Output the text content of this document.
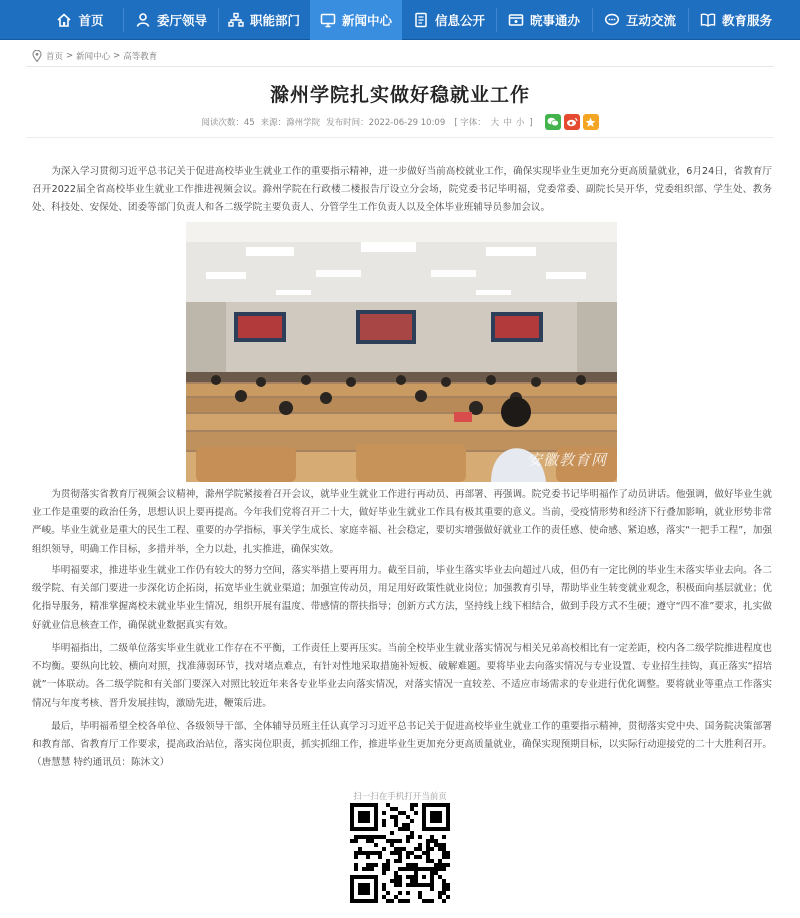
首页	委厅领导	职能部门	新闻中心	信息公开	晥事通办	互动交流	教育服务
首页 > 新闻中心 > 高等教育
滁州学院扎实做好稳就业工作
阅读次数：45 来源：滁州学院 发布时间：2022-06-29 10:09	[ 字体： 大 中 小 ]

为深入学习贯彻习近平总书记关于促进高校毕业生就业工作的重要指示精神，进一步做好当前高校就业工作，确保实现毕业生更加充分更高质量就业，6月24日，省教育厅召开2022届全省高校毕业生就业工作推进视频会议。滁州学院在行政楼二楼报告厅设立分会场，院党委书记毕明福，党委常委、副院长吴开华，党委组织部、学生处、教务处、科技处、安保处、团委等部门负责人和各二级学院主要负责人、分管学生工作负责人以及全体毕业班辅导员参加会议。

安徽教育网

为贯彻落实省教育厅视频会议精神，滁州学院紧接着召开会议，就毕业生就业工作进行再动员、再部署、再强调。院党委书记毕明福作了动员讲话。他强调，做好毕业生就业工作是重要的政治任务，思想认识上要再提高。今年我们党将召开二十大，做好毕业生就业工作具有极其重要的意义。当前，受疫情形势和经济下行叠加影响，就业形势非常严峻。毕业生就业是重大的民生工程、重要的办学指标，事关学生成长、家庭幸福、社会稳定，要切实增强做好就业工作的责任感、使命感、紧迫感，落实“一把手工程”，加强组织领导，明确工作目标，多措并举，全力以赴，扎实推进，确保实效。

毕明福要求，推进毕业生就业工作仍有较大的努力空间，落实举措上要再用力。截至目前，毕业生落实毕业去向超过八成，但仍有一定比例的毕业生未落实毕业去向。各二级学院、有关部门要进一步深化访企拓岗，拓宽毕业生就业渠道；加强宣传动员，用足用好政策性就业岗位；加强教育引导，帮助毕业生转变就业观念，积极面向基层就业；优化指导服务，精准掌握离校未就业毕业生情况，组织开展有温度、带感情的帮扶指导；创新方式方法，坚持线上线下相结合，做到手段方式不生硬；遵守“四不准”要求，扎实做好就业信息核查工作，确保就业数据真实有效。

毕明福指出，二级单位落实毕业生就业工作存在不平衡，工作责任上要再压实。当前全校毕业生就业落实情况与相关兄弟高校相比有一定差距，校内各二级学院推进程度也不均衡。要纵向比较、横向对照，找准薄弱环节，找对堵点难点，有针对性地采取措施补短板、破解难题。要将毕业去向落实情况与专业设置、专业招生挂钩，真正落实“招培就”一体联动。各二级学院和有关部门要深入对照比较近年来各专业毕业去向落实情况，对落实情况一直较差、不适应市场需求的专业进行优化调整。要将就业等重点工作落实情况与年度考核、晋升发展挂钩，激励先进，鞭策后进。

最后，毕明福希望全校各单位、各级领导干部、全体辅导员班主任认真学习习近平总书记关于促进高校毕业生就业工作的重要指示精神，贯彻落实党中央、国务院决策部署和教育部、省教育厅工作要求，提高政治站位，落实岗位职责，抓实抓细工作，推进毕业生更加充分更高质量就业，确保实现预期目标，以实际行动迎接党的二十大胜利召开。（唐慧慧 特约通讯员：陈沐文）

扫一扫在手机打开当前页
